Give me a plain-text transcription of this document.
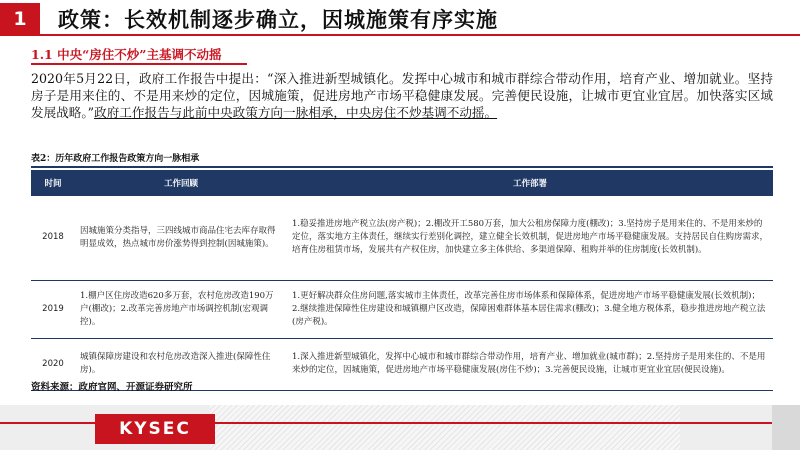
1	政策：长效机制逐步确立，因城施策有序实施
1.1 中央“房住不炒”主基调不动摇
2020年5月22日，政府工作报告中提出：“深入推进新型城镇化。发挥中心城市和城市群综合带动作用，培育产业、增加就业。坚持房子是用来住的、不是用来炒的定位，因城施策，促进房地产市场平稳健康发展。完善便民设施，让城市更宜业宜居。加快落实区域发展战略。”政府工作报告与此前中央政策方向一脉相承，中央房住不炒基调不动摇。
表2：历年政府工作报告政策方向一脉相承
时间	工作回顾	工作部署
2018	因城施策分类指导，三四线城市商品住宅去库存取得明显成效，热点城市房价涨势得到控制(因城施策)。	1.稳妥推进房地产税立法(房产税)；2.棚改开工580万套，加大公租房保障力度(棚改)；3.坚持房子是用来住的、不是用来炒的定位，落实地方主体责任，继续实行差别化调控，建立健全长效机制，促进房地产市场平稳健康发展。支持居民自住购房需求，培育住房租赁市场，发展共有产权住房，加快建立多主体供给、多渠道保障、租购并举的住房制度(长效机制)。
2019	1.棚户区住房改造620多万套，农村危房改造190万户(棚改)；2.改革完善房地产市场调控机制(宏观调控)。	1.更好解决群众住房问题,落实城市主体责任，改革完善住房市场体系和保障体系，促进房地产市场平稳健康发展(长效机制)；2.继续推进保障性住房建设和城镇棚户区改造，保障困难群体基本居住需求(棚改)；3.健全地方税体系，稳步推进房地产税立法(房产税)。
2020	城镇保障房建设和农村危房改造深入推进(保障性住房)。	1.深入推进新型城镇化，发挥中心城市和城市群综合带动作用，培育产业、增加就业(城市群)；2.坚持房子是用来住的、不是用来炒的定位，因城施策，促进房地产市场平稳健康发展(房住不炒)；3.完善便民设施，让城市更宜业宜居(便民设施)。
资料来源：政府官网、开源证券研究所
KYSEC
